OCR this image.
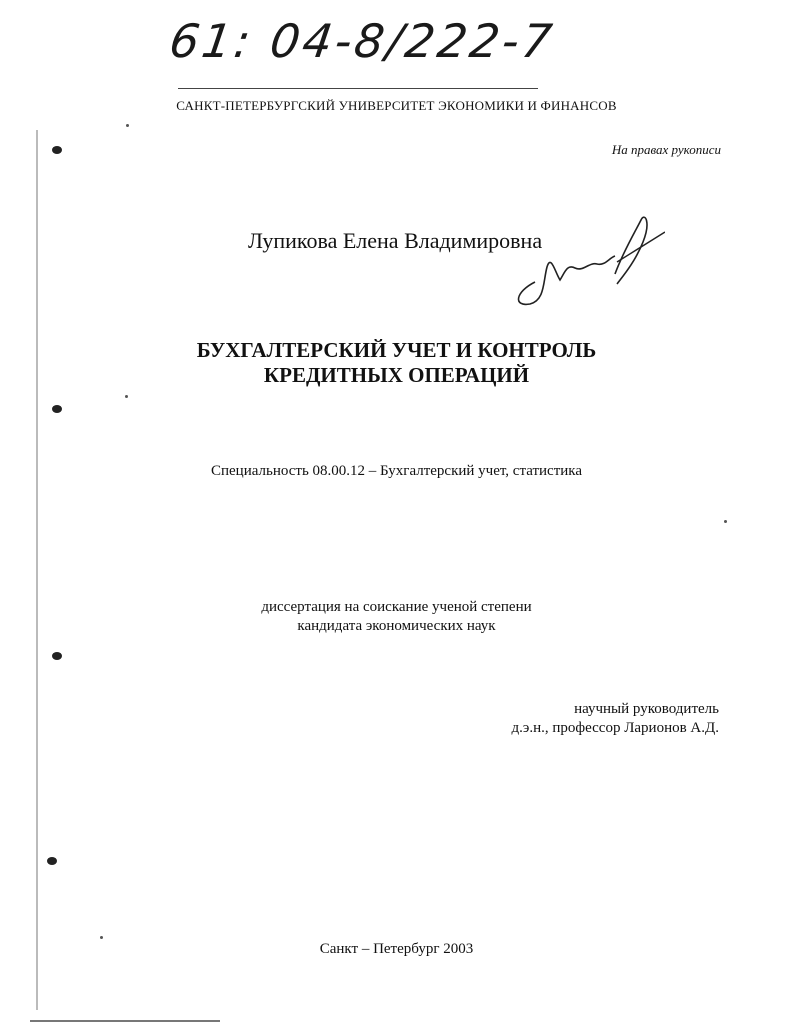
61: 04-8/222-7
САНКТ-ПЕТЕРБУРГСКИЙ УНИВЕРСИТЕТ ЭКОНОМИКИ И ФИНАНСОВ
На правах рукописи
Лупикова Елена Владимировна
БУХГАЛТЕРСКИЙ УЧЕТ И КОНТРОЛЬ
КРЕДИТНЫХ ОПЕРАЦИЙ
Специальность 08.00.12 – Бухгалтерский учет, статистика
диссертация на соискание ученой степени
кандидата экономических наук
научный руководитель
д.э.н., профессор Ларионов А.Д.
Санкт – Петербург 2003
